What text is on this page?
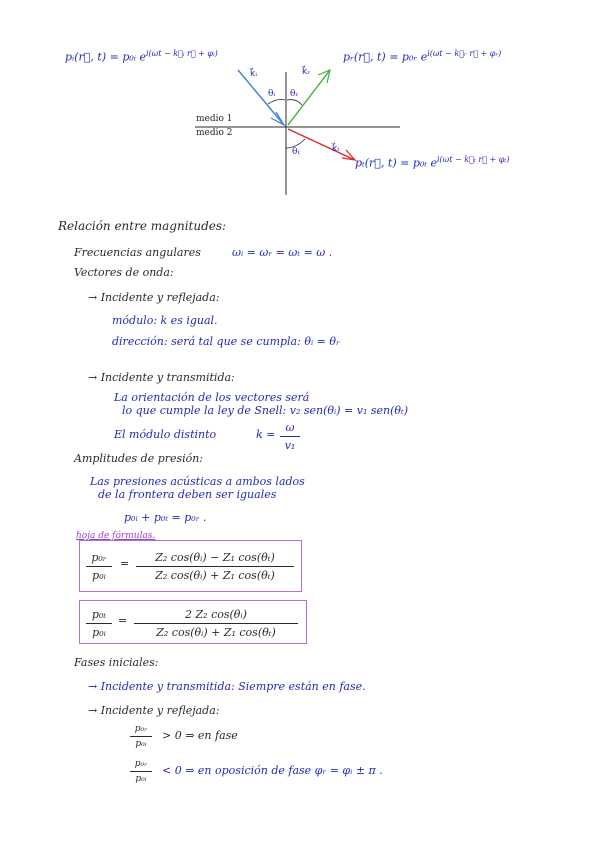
pᵢ(r⃗, t) = p₀ᵢ $e^{i(\omega t - k⃗ᵢ r⃗ + \varphi ᵢ)}$	pᵣ(r⃗, t) = p₀ᵣ $e^{i(\omega t - k⃗ᵣ r⃗ + \varphi ᵣ)}$
pₜ(r⃗, t) = p₀ₜ $e^{i(\omega t - k⃗_t r⃗ + \varphi_t)}$
k⃗ᵢ	k⃗ᵣ
k⃗ₜ
θᵢ θᵣ
θₜ
medio 1
medio 2
Relación entre magnitudes:
Frecuencias angulares	ωᵢ = ωᵣ = ωₜ = ω .
Vectores de onda:
→ Incidente y reflejada:
módulo: k es igual.
dirección: será tal que se cumpla: θᵢ = θᵣ
→ Incidente y transmitida:
La orientación de los vectores será
lo que cumple la ley de Snell: v₂ sen(θᵢ) = v₁ sen(θₜ)
El módulo distinto	k =
ω
v₁
Amplitudes de presión:
Las presiones acústicas a ambos lados
de la frontera deben ser iguales
p₀ᵢ + p₀ₜ = p₀ᵣ .
hoja de fórmulas.
p₀ᵣ
p₀ᵢ
=	Z₂ cos(θᵢ) − Z₁ cos(θₜ)
Z₂ cos(θᵢ) + Z₁ cos(θₜ)
p₀ₜ
p₀ᵢ
=	2 Z₂ cos(θᵢ)
Z₂ cos(θᵢ) + Z₁ cos(θₜ)
Fases iniciales:
→ Incidente y transmitida: Siempre están en fase.
→ Incidente y reflejada:
p₀ᵣ
p₀ᵢ
> 0 ⇒ en fase
p₀ᵣ
p₀ᵢ
< 0 ⇒ en oposición de fase φᵣ = φᵢ ± π .
